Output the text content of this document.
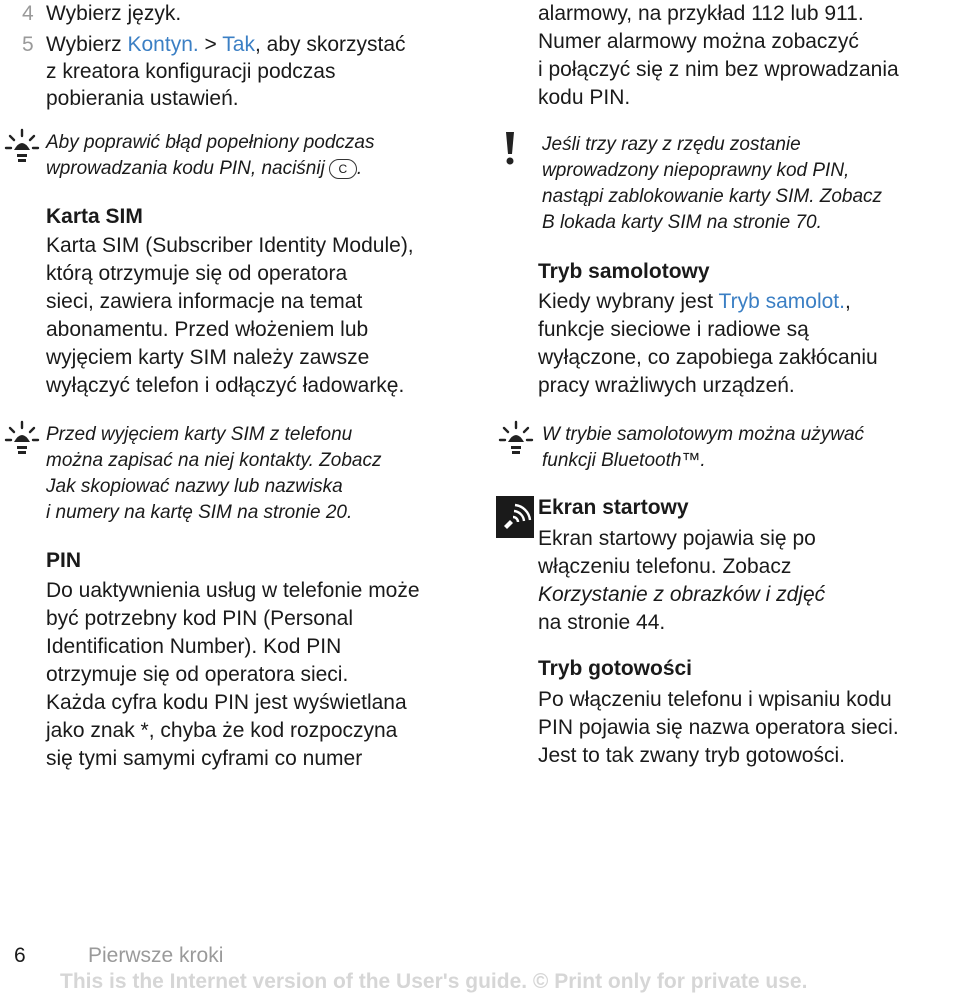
4 Wybierz język.
5 Wybierz Kontyn. > Tak, aby skorzystać
z kreatora konfiguracji podczas
pobierania ustawień.
Aby poprawić błąd popełniony podczas
wprowadzania kodu PIN, naciśnij C .
Karta SIM
Karta SIM (Subscriber Identity Module),
którą otrzymuje się od operatora
sieci, zawiera informacje na temat
abonamentu. Przed włożeniem lub
wyjęciem karty SIM należy zawsze
wyłączyć telefon i odłączyć ładowarkę.
Przed wyjęciem karty SIM z telefonu
można zapisać na niej kontakty. Zobacz
Jak skopiować nazwy lub nazwiska
i numery na kartę SIM na stronie 20.
PIN
Do uaktywnienia usług w telefonie może
być potrzebny kod PIN (Personal
Identification Number). Kod PIN
otrzymuje się od operatora sieci.
Każda cyfra kodu PIN jest wyświetlana
jako znak *, chyba że kod rozpoczyna
się tymi samymi cyframi co numer
alarmowy, na przykład 112 lub 911.
Numer alarmowy można zobaczyć
i połączyć się z nim bez wprowadzania
kodu PIN.
Jeśli trzy razy z rzędu zostanie
wprowadzony niepoprawny kod PIN,
nastąpi zablokowanie karty SIM. Zobacz
B lokada karty SIM na stronie 70.
Tryb samolotowy
Kiedy wybrany jest Tryb samolot.,
funkcje sieciowe i radiowe są
wyłączone, co zapobiega zakłócaniu
pracy wrażliwych urządzeń.
W trybie samolotowym można używać
funkcji Bluetooth™.
Ekran startowy
Ekran startowy pojawia się po
włączeniu telefonu. Zobacz
Korzystanie z obrazków i zdjęć
na stronie 44.
Tryb gotowości
Po włączeniu telefonu i wpisaniu kodu
PIN pojawia się nazwa operatora sieci.
Jest to tak zwany tryb gotowości.
6	Pierwsze kroki
This is the Internet version of the User's guide. © Print only for private use.
